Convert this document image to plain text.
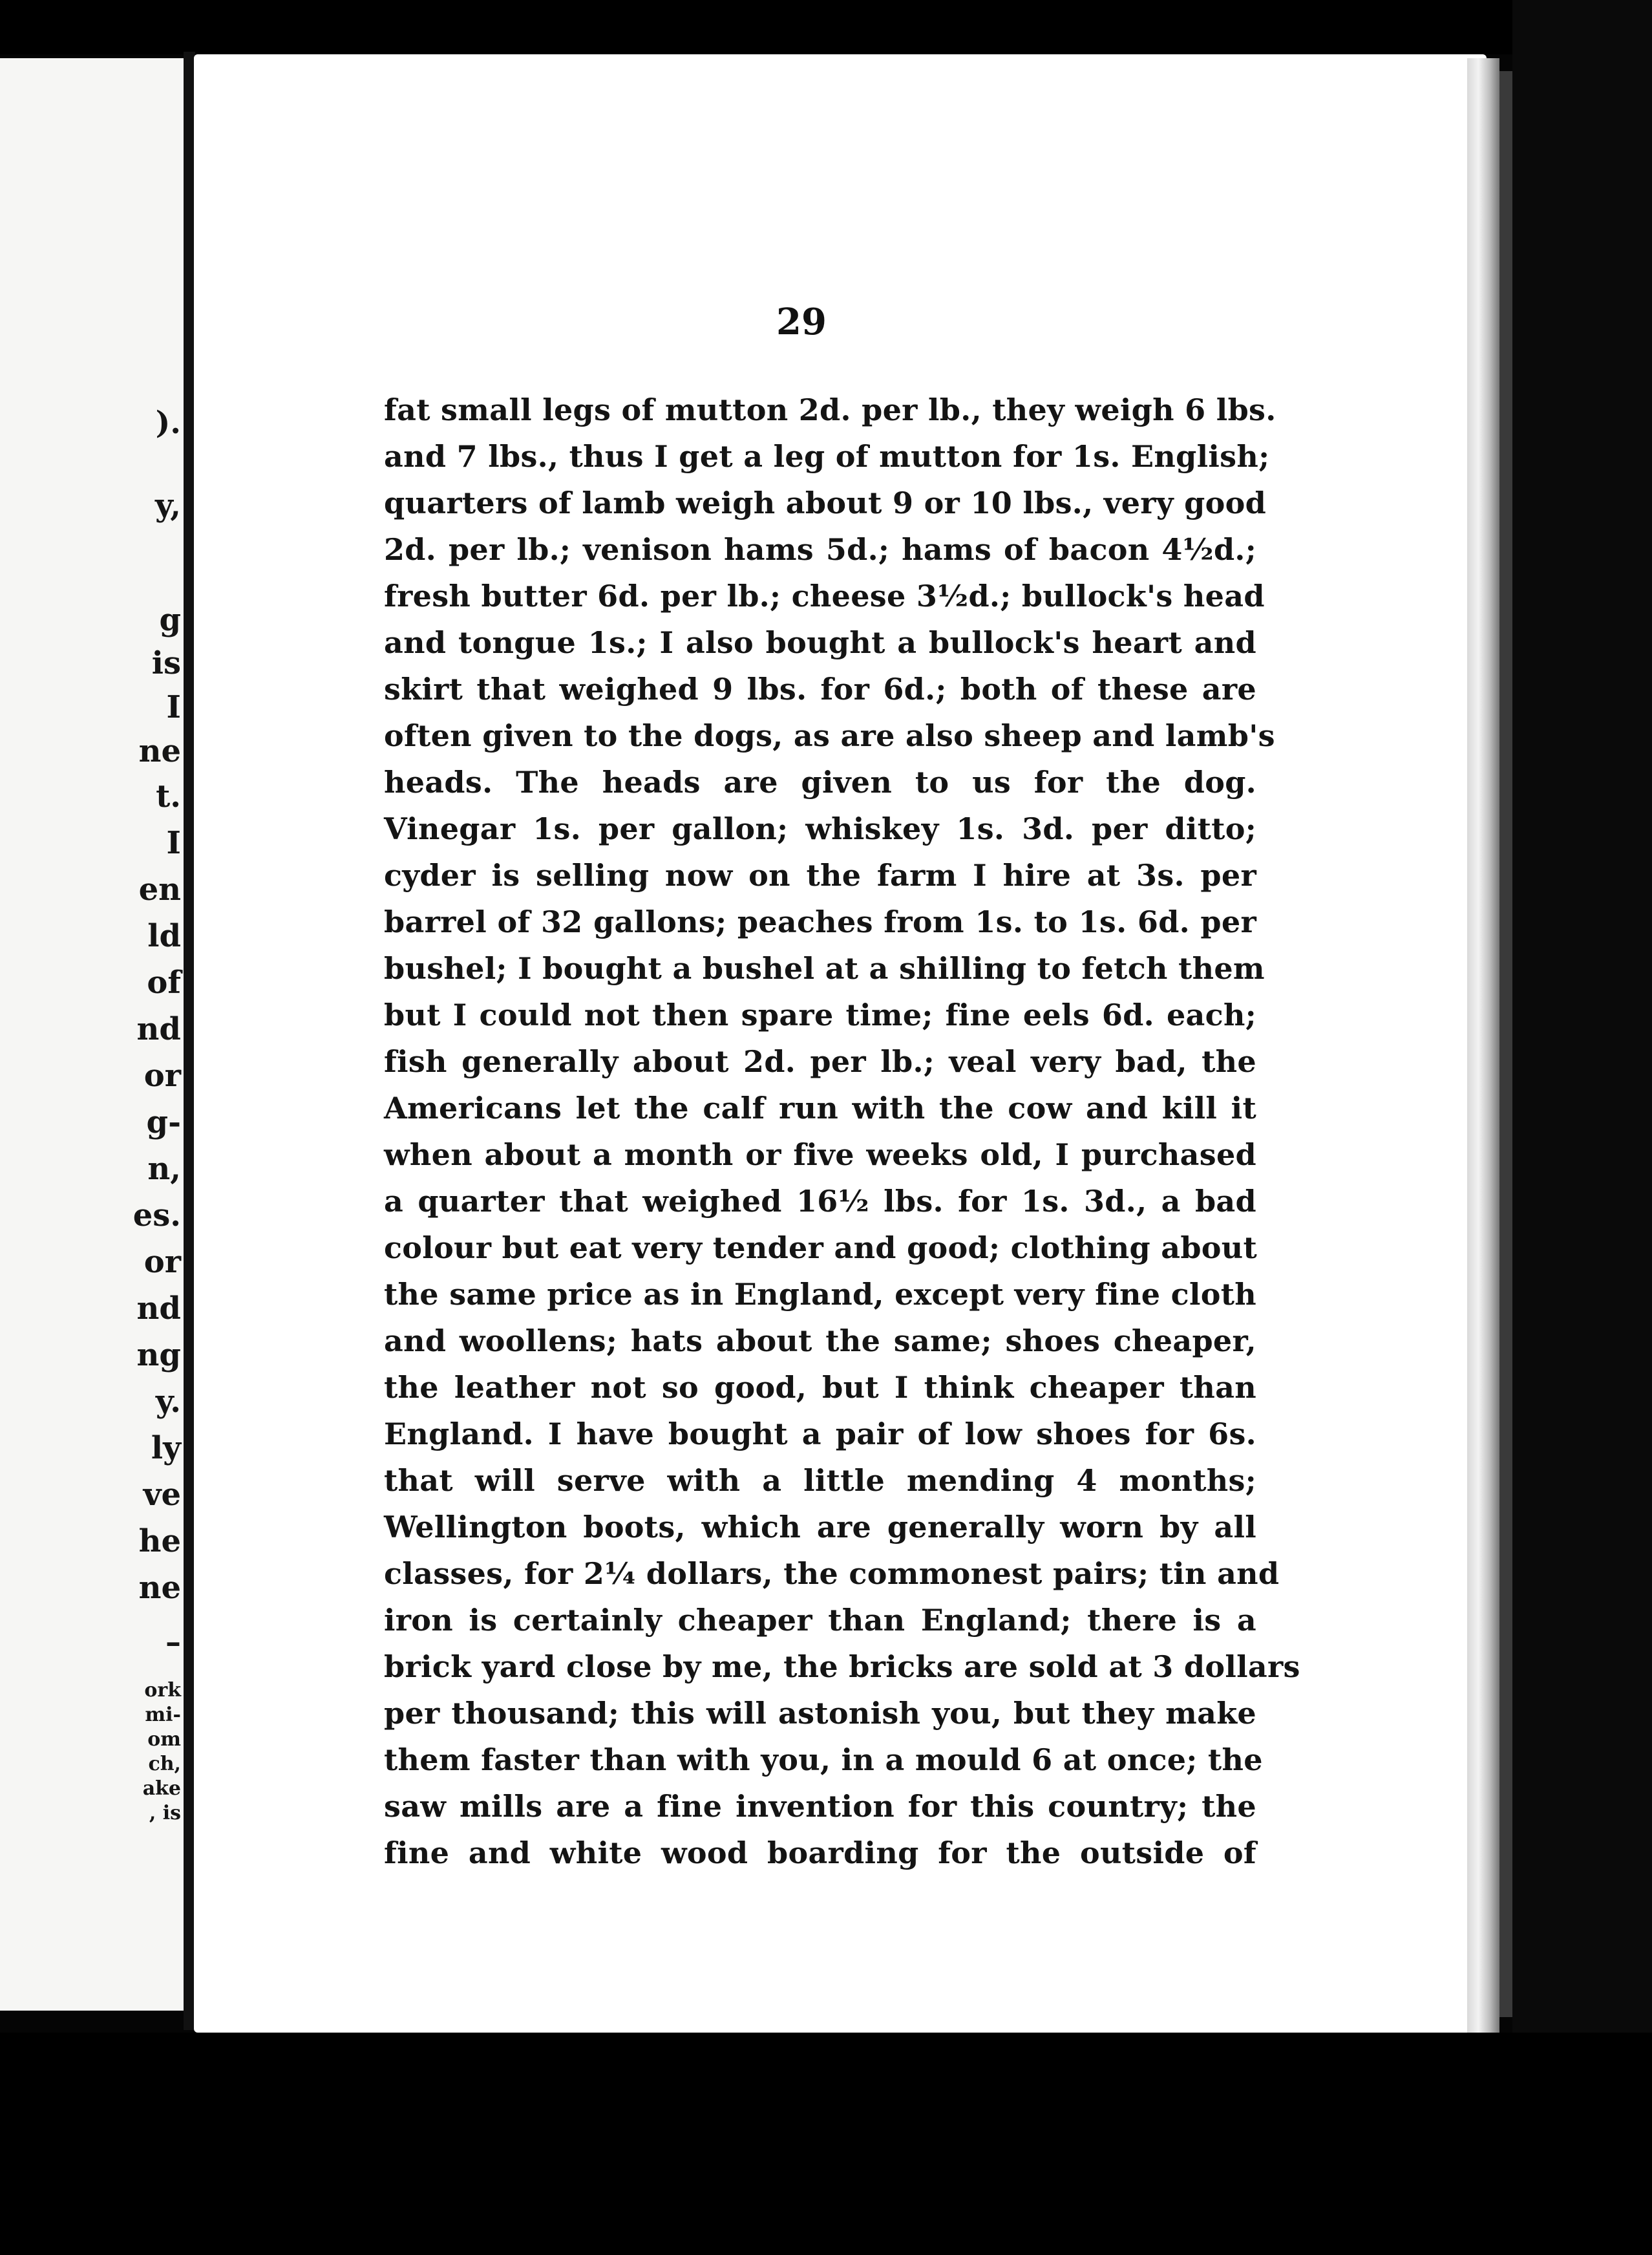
).
y,
g
is
I
ne
t.
I
en
ld
of
nd
or
g-
n,
es.
or
nd
ng
y.
ly
ve
he
ne
–
ork
mi-
om
ch,
ake
, is
29
fat small legs of mutton 2d. per lb., they weigh 6 lbs.
and 7 lbs., thus I get a leg of mutton for 1s. English;
quarters of lamb weigh about 9 or 10 lbs., very good
2d. per lb.; venison hams 5d.; hams of bacon 4½d.;
fresh butter 6d. per lb.; cheese 3½d.; bullock's head
and tongue 1s.; I also bought a bullock's heart and
skirt that weighed 9 lbs. for 6d.; both of these are
often given to the dogs, as are also sheep and lamb's
heads. The heads are given to us for the dog.
Vinegar 1s. per gallon; whiskey 1s. 3d. per ditto;
cyder is selling now on the farm I hire at 3s. per
barrel of 32 gallons; peaches from 1s. to 1s. 6d. per
bushel; I bought a bushel at a shilling to fetch them
but I could not then spare time; fine eels 6d. each;
fish generally about 2d. per lb.; veal very bad, the
Americans let the calf run with the cow and kill it
when about a month or five weeks old, I purchased
a quarter that weighed 16½ lbs. for 1s. 3d., a bad
colour but eat very tender and good; clothing about
the same price as in England, except very fine cloth
and woollens; hats about the same; shoes cheaper,
the leather not so good, but I think cheaper than
England. I have bought a pair of low shoes for 6s.
that will serve with a little mending 4 months;
Wellington boots, which are generally worn by all
classes, for 2¼ dollars, the commonest pairs; tin and
iron is certainly cheaper than England; there is a
brick yard close by me, the bricks are sold at 3 dollars
per thousand; this will astonish you, but they make
them faster than with you, in a mould 6 at once; the
saw mills are a fine invention for this country; the
fine and white wood boarding for the outside of
